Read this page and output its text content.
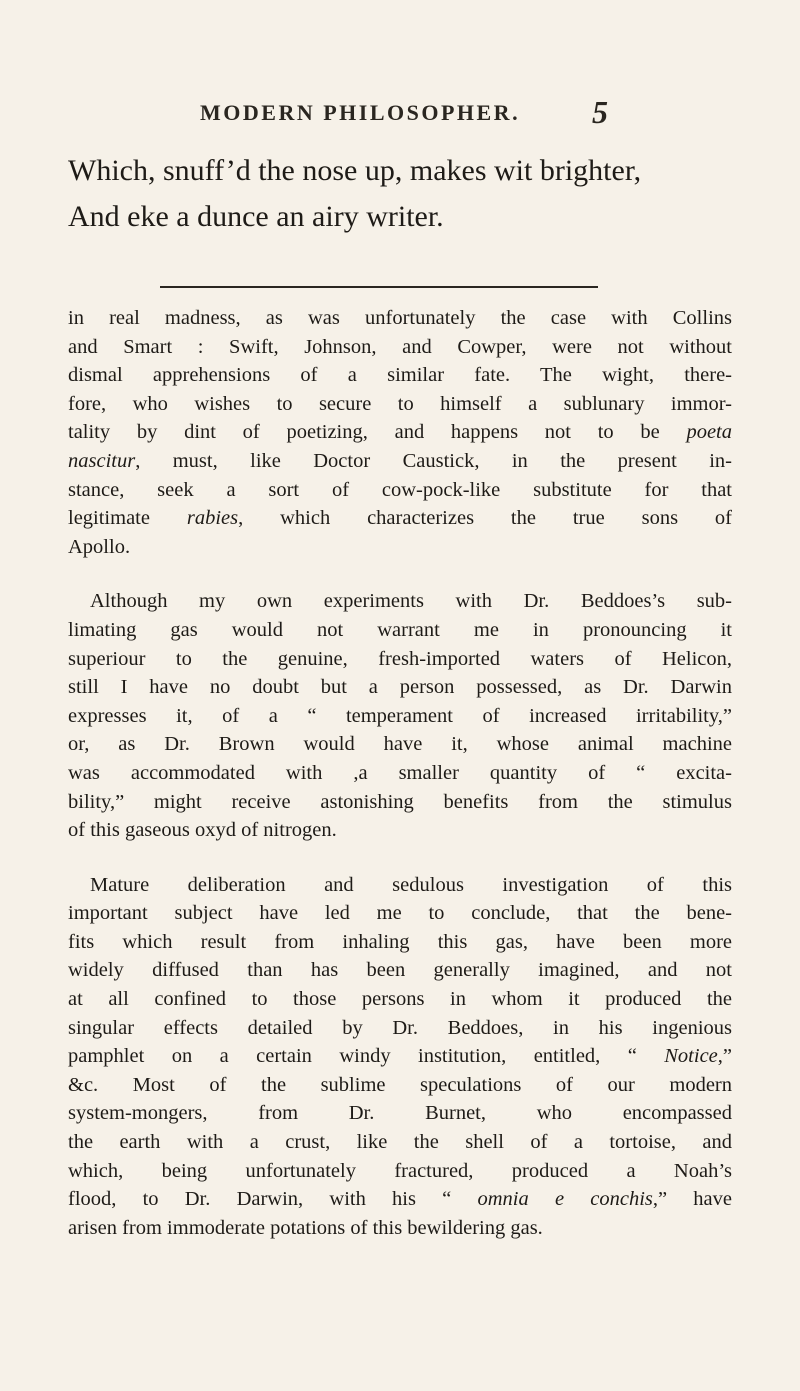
MODERN PHILOSOPHER. 5
Which, snuff’d the nose up, makes wit brighter,
And eke a dunce an airy writer.
in real madness, as was unfortunately the case with Collins
and Smart : Swift, Johnson, and Cowper, were not without
dismal apprehensions of a similar fate. The wight, there-
fore, who wishes to secure to himself a sublunary immor-
tality by dint of poetizing, and happens not to be poeta
nascitur, must, like Doctor Caustick, in the present in-
stance, seek a sort of cow-pock-like substitute for that
legitimate rabies, which characterizes the true sons of
Apollo.
Although my own experiments with Dr. Beddoes’s sub-
limating gas would not warrant me in pronouncing it
superiour to the genuine, fresh-imported waters of Helicon,
still I have no doubt but a person possessed, as Dr. Darwin
expresses it, of a “ temperament of increased irritability,”
or, as Dr. Brown would have it, whose animal machine
was accommodated with ,a smaller quantity of “ excita-
bility,” might receive astonishing benefits from the stimulus
of this gaseous oxyd of nitrogen.
Mature deliberation and sedulous investigation of this
important subject have led me to conclude, that the bene-
fits which result from inhaling this gas, have been more
widely diffused than has been generally imagined, and not
at all confined to those persons in whom it produced the
singular effects detailed by Dr. Beddoes, in his ingenious
pamphlet on a certain windy institution, entitled, “ Notice,”
&c. Most of the sublime speculations of our modern
system-mongers, from Dr. Burnet, who encompassed
the earth with a crust, like the shell of a tortoise, and
which, being unfortunately fractured, produced a Noah’s
flood, to Dr. Darwin, with his “ omnia e conchis,” have
arisen from immoderate potations of this bewildering gas.
